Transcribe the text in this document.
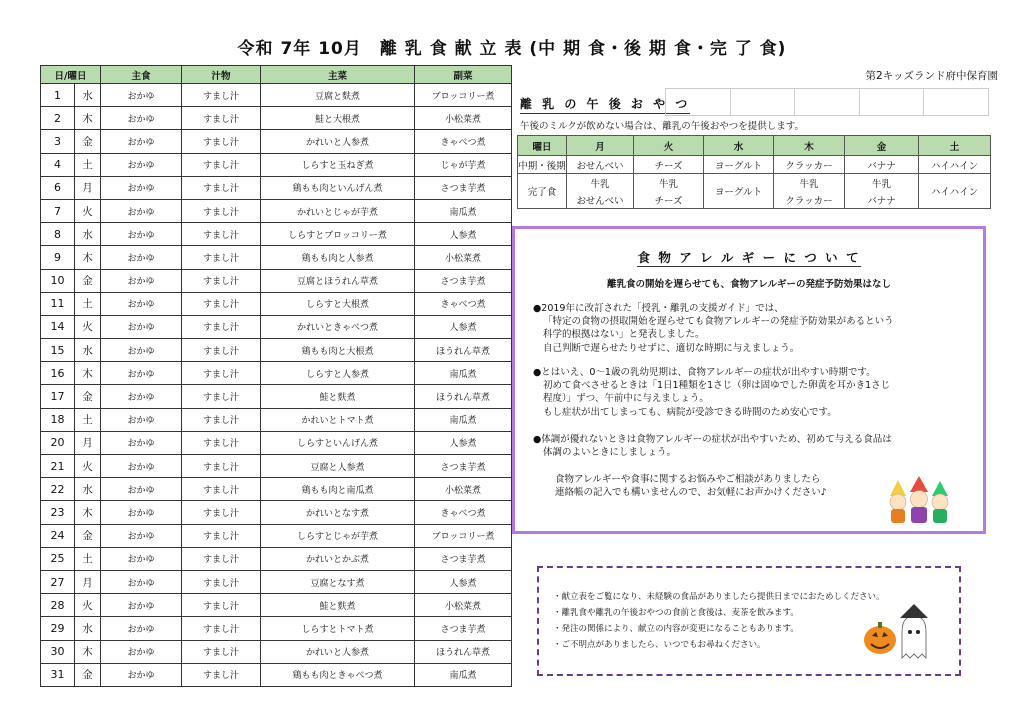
令和 7年 10月　離 乳 食 献 立 表 (中 期 食・後 期 食・完 了 食)
第2キッズランド府中保育園
日/曜日		主食	汁物	主菜	副菜
1	水	おかゆ	すまし汁	豆腐と麩煮	ブロッコリー煮
2	木	おかゆ	すまし汁	鮭と大根煮	小松菜煮
3	金	おかゆ	すまし汁	かれいと人参煮	きゃべつ煮
4	土	おかゆ	すまし汁	しらすと玉ねぎ煮	じゃが芋煮
6	月	おかゆ	すまし汁	鶏もも肉といんげん煮	さつま芋煮
7	火	おかゆ	すまし汁	かれいとじゃが芋煮	南瓜煮
8	水	おかゆ	すまし汁	しらすとブロッコリー煮	人参煮
9	木	おかゆ	すまし汁	鶏もも肉と人参煮	小松菜煮
10	金	おかゆ	すまし汁	豆腐とほうれん草煮	さつま芋煮
11	土	おかゆ	すまし汁	しらすと大根煮	きゃべつ煮
14	火	おかゆ	すまし汁	かれいときゃべつ煮	人参煮
15	水	おかゆ	すまし汁	鶏もも肉と大根煮	ほうれん草煮
16	木	おかゆ	すまし汁	しらすと人参煮	南瓜煮
17	金	おかゆ	すまし汁	鮭と麩煮	ほうれん草煮
18	土	おかゆ	すまし汁	かれいとトマト煮	南瓜煮
20	月	おかゆ	すまし汁	しらすといんげん煮	人参煮
21	火	おかゆ	すまし汁	豆腐と人参煮	さつま芋煮
22	水	おかゆ	すまし汁	鶏もも肉と南瓜煮	小松菜煮
23	木	おかゆ	すまし汁	かれいとなす煮	きゃべつ煮
24	金	おかゆ	すまし汁	しらすとじゃが芋煮	ブロッコリー煮
25	土	おかゆ	すまし汁	かれいとかぶ煮	さつま芋煮
27	月	おかゆ	すまし汁	豆腐となす煮	人参煮
28	火	おかゆ	すまし汁	鮭と麩煮	小松菜煮
29	水	おかゆ	すまし汁	しらすとトマト煮	さつま芋煮
30	木	おかゆ	すまし汁	かれいと人参煮	ほうれん草煮
31	金	おかゆ	すまし汁	鶏もも肉ときゃべつ煮	南瓜煮
離 乳 の 午 後 お や つ

午後のミルクが飲めない場合は、離乳の午後おやつを提供します。
曜日	月	火	水	木	金	土
中期・後期	おせんべい	チーズ	ヨーグルト	クラッカー	バナナ	ハイハイン
完了食	牛乳	牛乳	ヨーグルト	牛乳	牛乳	ハイハイン
	おせんべい	チーズ		クラッカー	バナナ	
食 物 ア レ ル ギ ー に つ い て
離乳食の開始を遅らせても、食物アレルギーの発症予防効果はなし
●2019年に改訂された「授乳・離乳の支援ガイド」では、
「特定の食物の摂取開始を遅らせても食物アレルギーの発症予防効果があるという
科学的根拠はない」と発表しました。
自己判断で遅らせたりせずに、適切な時期に与えましょう。
●とはいえ、0～1歳の乳幼児期は、食物アレルギーの症状が出やすい時期です。
初めて食べさせるときは「1日1種類を1さじ（卵は固ゆでした卵黄を耳かき1さじ
程度）」ずつ、午前中に与えましょう。
もし症状が出てしまっても、病院が受診できる時間のため安心です。
●体調が優れないときは食物アレルギーの症状が出やすいため、初めて与える食品は
体調のよいときにしましょう。
食物アレルギーや食事に関するお悩みやご相談がありましたら
連絡帳の記入でも構いませんので、お気軽にお声かけください♪
・献立表をご覧になり、未経験の食品がありましたら提供日までにおためしください。
・離乳食や離乳の午後おやつの食前と食後は、麦茶を飲みます。
・発注の関係により、献立の内容が変更になることもあります。
・ご不明点がありましたら、いつでもお尋ねください。
